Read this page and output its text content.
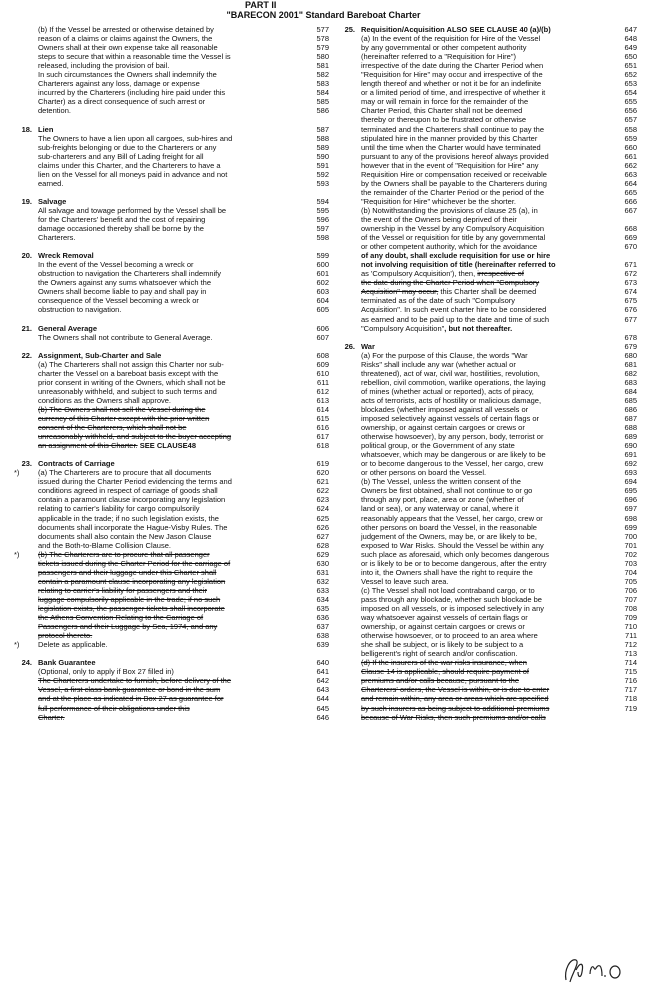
PART II
"BARECON 2001" Standard Bareboat Charter
(b) If the Vessel be arrested or otherwise detained by	577
reason of a claims or claims against the Owners, the	578
Owners shall at their own expense take all reasonable	579
steps to secure that within a reasonable time the Vessel is	580
released, including the provision of bail.	581
In such circumstances the Owners shall indemnify the	582
Charterers against any loss, damage or expense	583
incurred by the Charterers (including hire paid under this	584
Charter) as a direct consequence of such arrest or	585
detention.	586
18. Lien	587
The Owners to have a lien upon all cargoes, sub-hires and	588
sub-freights belonging or due to the Charterers or any	589
sub-charterers and any Bill of Lading freight for all	590
claims under this Charter, and the Charterers to have a	591
lien on the Vessel for all moneys paid in advance and not	592
earned.	593
19. Salvage	594
All salvage and towage performed by the Vessel shall be	595
for the Charterers' benefit and the cost of repairing	596
damage occasioned thereby shall be borne by the	597
Charterers.	598
20. Wreck Removal	599
In the event of the Vessel becoming a wreck or	600
obstruction to navigation the Charterers shall indemnify	601
the Owners against any sums whatsoever which the	602
Owners shall become liable to pay and shall pay in	603
consequence of the Vessel becoming a wreck or	604
obstruction to navigation.	605
21. General Average	606
The Owners shall not contribute to General Average.	607
22. Assignment, Sub-Charter and Sale	608
(a) The Charterers shall not assign this Charter nor sub-	609
charter the Vessel on a bareboat basis except with the	610
prior consent in writing of the Owners, which shall not be	611
unreasonably withheld, and subject to such terms and	612
conditions as the Owners shall approve.	613
(b) The Owners shall not sell the Vessel during the	614
currency of this Charter except with the prior written	615
consent of the Charterers, which shall not be	616
unreasonably withheld, and subject to the buyer accepting	617
an assignment of this Charter. SEE CLAUSE48	618
23. Contracts of Carriage	619
*) (a) The Charterers are to procure that all documents	620
issued during the Charter Period evidencing the terms and	621
conditions agreed in respect of carriage of goods shall	622
contain a paramount clause incorporating any legislation	623
relating to carrier's liability for cargo compulsorily	624
applicable in the trade; if no such legislation exists, the	625
documents shall incorporate the Hague-Visby Rules. The	626
documents shall also contain the New Jason Clause	627
and the Both-to-Blame Collision Clause.	628
*) (b) The Charterers are to procure that all passenger	629
tickets issued during the Charter Period for the carriage of	630
passengers and their luggage under this Charter shall	631
contain a paramount clause incorporating any legislation	632
relating to carrier's liability for passengers and their	633
luggage compulsorily applicable in the trade; if no such	634
legislation exists, the passenger tickets shall incorporate	635
the Athens Convention Relating to the Carriage of	636
Passengers and their Luggage by Sea, 1974, and any	637
protocol thereto.	638
*) Delete as applicable.	639
24. Bank Guarantee	640
(Optional, only to apply if Box 27 filled in)	641
The Charterers undertake to furnish, before delivery of the	642
Vessel, a first class bank guarantee or bond in the sum	643
and at the place as indicated in Box 27 as guarantee for	644
full performance of their obligations under this	645
Charter.	646
25. Requisition/Acquisition ALSO SEE CLAUSE 40 (a)/(b)	647
(a) In the event of the requisition for Hire of the Vessel	648
by any governmental or other competent authority	649
(hereinafter referred to a "Requisition for Hire")	650
irrespective of the date during the Charter Period when	651
"Requisition for Hire" may occur and irrespective of the	652
length thereof and whether or not it be for an indefinite	653
or a limited period of time, and irrespective of whether it	654
may or will remain in force for the remainder of the	655
Charter Period, this Charter shall not be deemed	656
thereby or thereupon to be frustrated or otherwise	657
terminated and the Charterers shall continue to pay the	658
stipulated hire in the manner provided by this Charter	659
until the time when the Charter would have terminated	660
pursuant to any of the provisions hereof always provided	661
however that in the event of "Requisition for Hire" any	662
Requisition Hire or compensation received or receivable	663
by the Owners shall be payable to the Charterers during	664
the remainder of the Charter Period or the period of the	665
"Requisition for Hire" whichever be the shorter.	666
(b) Notwithstanding the provisions of clause 25 (a), in	667
the event of the Owners being deprived of their
ownership in the Vessel by any Compulsory Acquisition	668
of the Vessel or requisition for title by any governmental	669
or other competent authority, which for the avoidance	670
of any doubt, shall exclude requisition for use or hire
not involving requisition of title (hereinafter referred to	671
as 'Compulsory Acquisition'), then, irrespective of	672
the date during the Charter Period when "Compulsory	673
Acquisition" may occur, this Charter shall be deemed	674
terminated as of the date of such "Compulsory	675
Acquisition". In such event charter hire to be considered	676
as earned and to be paid up to the date and time of such	677
"Compulsory Acquisition", but not thereafter.
678
26. War	679
(a) For the purpose of this Clause, the words "War	680
Risks" shall include any war (whether actual or	681
threatened), act of war, civil war, hostilities, revolution,	682
rebellion, civil commotion, warlike operations, the laying	683
of mines (whether actual or reported), acts of piracy,	684
acts of terrorists, acts of hostility or malicious damage,	685
blockades (whether imposed against all vessels or	686
imposed selectively against vessels of certain flags or	687
ownership, or against certain cargoes or crews or	688
otherwise howsoever), by any person, body, terrorist or	689
political group, or the Government of any state	690
whatsoever, which may be dangerous or are likely to be	691
or to become dangerous to the Vessel, her cargo, crew	692
or other persons on board the Vessel.	693
(b) The Vessel, unless the written consent of the	694
Owners be first obtained, shall not continue to or go	695
through any port, place, area or zone (whether of	696
land or sea), or any waterway or canal, where it	697
reasonably appears that the Vessel, her cargo, crew or	698
other persons on board the Vessel, in the reasonable	699
judgement of the Owners, may be, or are likely to be,	700
exposed to War Risks. Should the Vessel be within any	701
such place as aforesaid, which only becomes dangerous	702
or is likely to be or to become dangerous, after the entry	703
into it, the Owners shall have the right to require the	704
Vessel to leave such area.	705
(c) The Vessel shall not load contraband cargo, or to	706
pass through any blockade, whether such blockade be	707
imposed on all vessels, or is imposed selectively in any	708
way whatsoever against vessels of certain flags or	709
ownership, or against certain cargoes or crews or	710
otherwise howsoever, or to proceed to an area where	711
she shall be subject, or is likely to be subject to a	712
belligerent's right of search and/or confiscation.	713
(d) If the insurers of the war risks insurance, when	714
Clause 14 is applicable, should require payment of	715
premiums and/or calls because, pursuant to the	716
Charterers' orders, the Vessel is within, or is due to enter	717
and remain within, any area or areas which are specified	718
by such insurers as being subject to additional premiums	719
because of War Risks, then such premiums and/or calls
